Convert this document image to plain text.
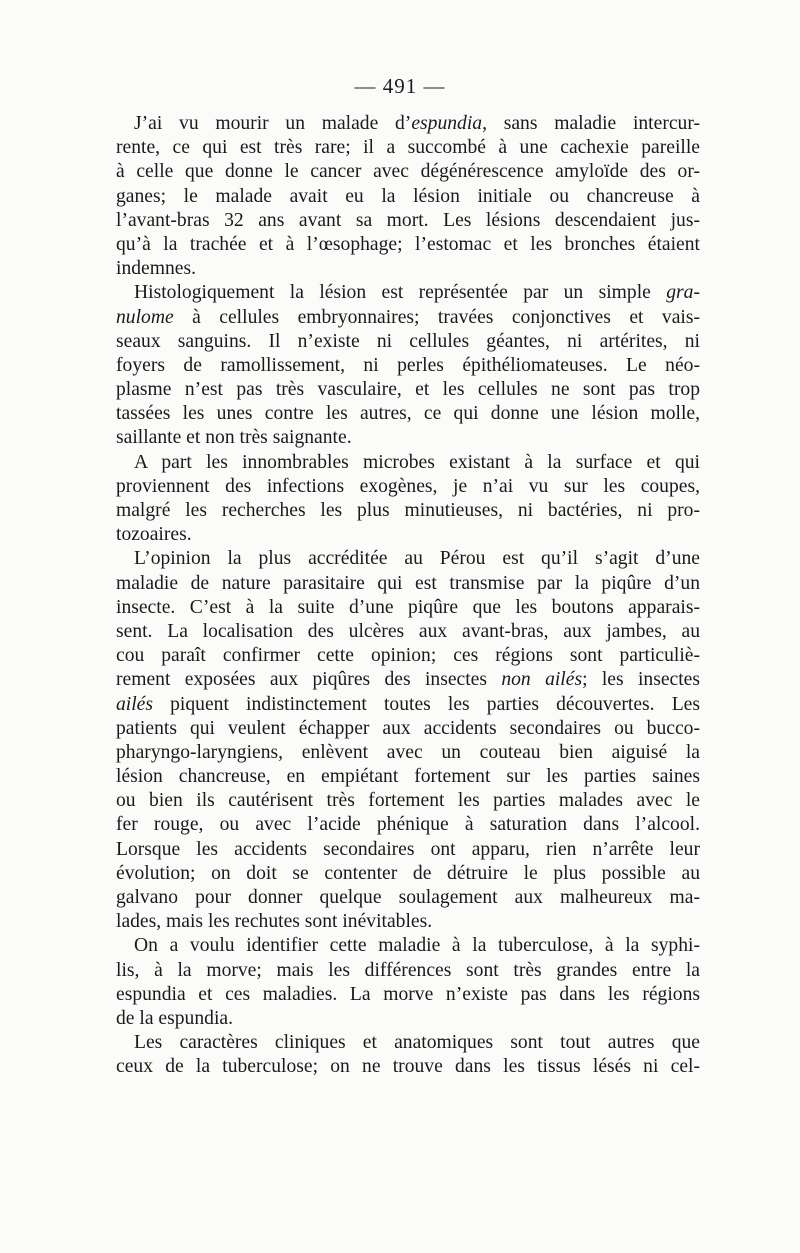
— 491 —
J’ai vu mourir un malade d’espundia, sans maladie intercur-
rente, ce qui est très rare; il a succombé à une cachexie pareille
à celle que donne le cancer avec dégénérescence amyloïde des or-
ganes; le malade avait eu la lésion initiale ou chancreuse à
l’avant-bras 32 ans avant sa mort. Les lésions descendaient jus-
qu’à la trachée et à l’œsophage; l’estomac et les bronches étaient
indemnes.
Histologiquement la lésion est représentée par un simple gra-
nulome à cellules embryonnaires; travées conjonctives et vais-
seaux sanguins. Il n’existe ni cellules géantes, ni artérites, ni
foyers de ramollissement, ni perles épithéliomateuses. Le néo-
plasme n’est pas très vasculaire, et les cellules ne sont pas trop
tassées les unes contre les autres, ce qui donne une lésion molle,
saillante et non très saignante.
A part les innombrables microbes existant à la surface et qui
proviennent des infections exogènes, je n’ai vu sur les coupes,
malgré les recherches les plus minutieuses, ni bactéries, ni pro-
tozoaires.
L’opinion la plus accréditée au Pérou est qu’il s’agit d’une
maladie de nature parasitaire qui est transmise par la piqûre d’un
insecte. C’est à la suite d’une piqûre que les boutons apparais-
sent. La localisation des ulcères aux avant-bras, aux jambes, au
cou paraît confirmer cette opinion; ces régions sont particuliè-
rement exposées aux piqûres des insectes non ailés; les insectes
ailés piquent indistinctement toutes les parties découvertes. Les
patients qui veulent échapper aux accidents secondaires ou bucco-
pharyngo-laryngiens, enlèvent avec un couteau bien aiguisé la
lésion chancreuse, en empiétant fortement sur les parties saines
ou bien ils cautérisent très fortement les parties malades avec le
fer rouge, ou avec l’acide phénique à saturation dans l’alcool.
Lorsque les accidents secondaires ont apparu, rien n’arrête leur
évolution; on doit se contenter de détruire le plus possible au
galvano pour donner quelque soulagement aux malheureux ma-
lades, mais les rechutes sont inévitables.
On a voulu identifier cette maladie à la tuberculose, à la syphi-
lis, à la morve; mais les différences sont très grandes entre la
espundia et ces maladies. La morve n’existe pas dans les régions
de la espundia.
Les caractères cliniques et anatomiques sont tout autres que
ceux de la tuberculose; on ne trouve dans les tissus lésés ni cel-
